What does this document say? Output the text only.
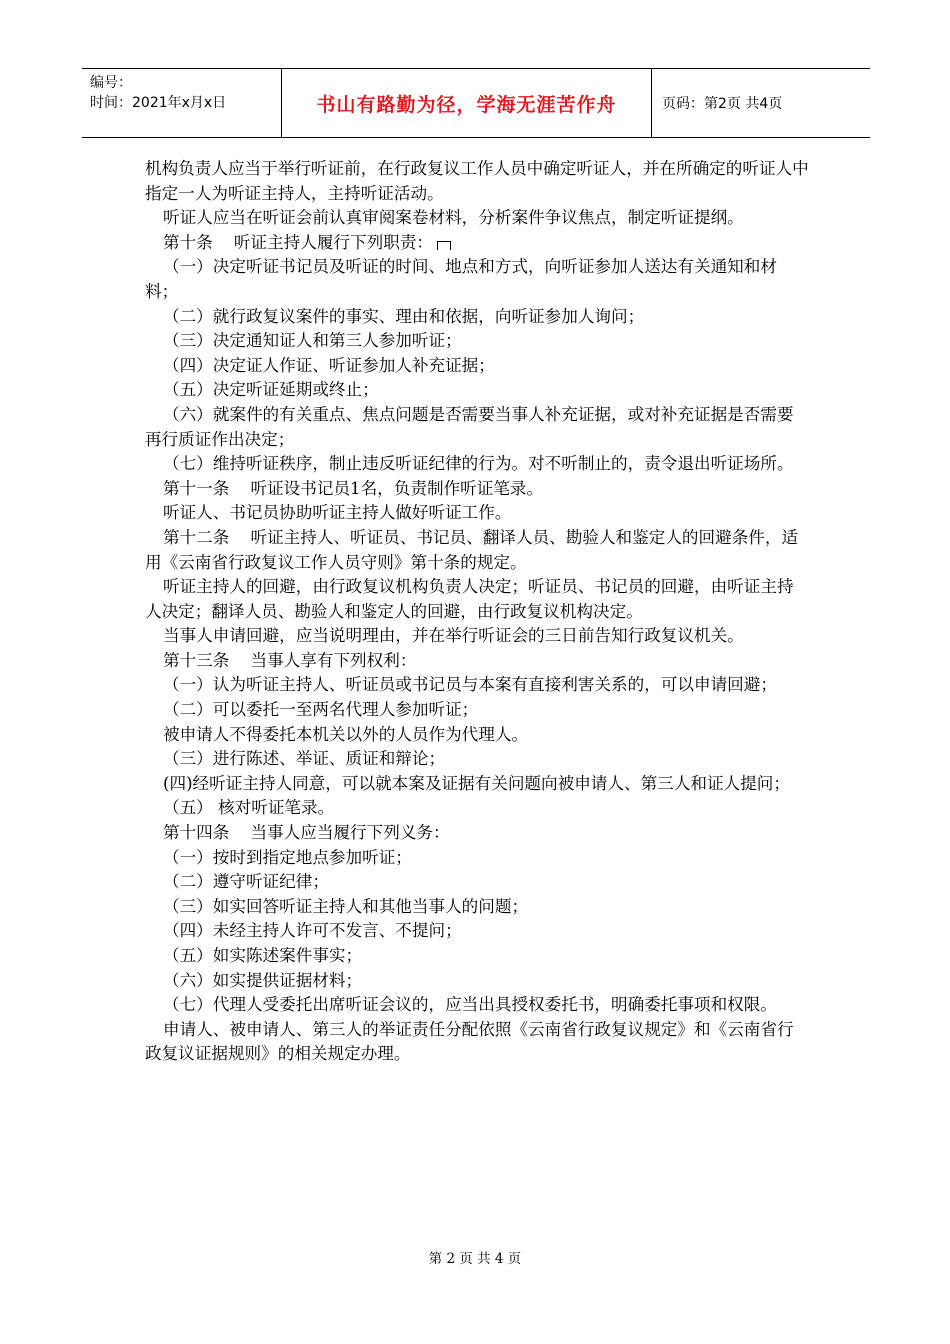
编号：
时间：2021年x月x日	书山有路勤为径，学海无涯苦作舟	页码：第2页 共4页

机构负责人应当于举行听证前，在行政复议工作人员中确定听证人，并在所确定的听证人中指定一人为听证主持人，主持听证活动。

听证人应当在听证会前认真审阅案卷材料，分析案件争议焦点，制定听证提纲。

第十条    听证主持人履行下列职责：

（一）决定听证书记员及听证的时间、地点和方式，向听证参加人送达有关通知和材料；

（二）就行政复议案件的事实、理由和依据，向听证参加人询问；

（三）决定通知证人和第三人参加听证；

（四）决定证人作证、听证参加人补充证据；

（五）决定听证延期或终止；

（六）就案件的有关重点、焦点问题是否需要当事人补充证据，或对补充证据是否需要再行质证作出决定；

（七）维持听证秩序，制止违反听证纪律的行为。对不听制止的，责令退出听证场所。

第十一条    听证设书记员1名，负责制作听证笔录。

听证人、书记员协助听证主持人做好听证工作。

第十二条    听证主持人、听证员、书记员、翻译人员、勘验人和鉴定人的回避条件，适用《云南省行政复议工作人员守则》第十条的规定。

听证主持人的回避，由行政复议机构负责人决定；听证员、书记员的回避，由听证主持人决定；翻译人员、勘验人和鉴定人的回避，由行政复议机构决定。

当事人申请回避，应当说明理由，并在举行听证会的三日前告知行政复议机关。

第十三条    当事人享有下列权利：

（一）认为听证主持人、听证员或书记员与本案有直接利害关系的，可以申请回避；

（二）可以委托一至两名代理人参加听证；

被申请人不得委托本机关以外的人员作为代理人。

（三）进行陈述、举证、质证和辩论；

(四)经听证主持人同意，可以就本案及证据有关问题向被申请人、第三人和证人提问；

（五） 核对听证笔录。

第十四条    当事人应当履行下列义务：

（一）按时到指定地点参加听证；

（二）遵守听证纪律；

（三）如实回答听证主持人和其他当事人的问题；

（四）未经主持人许可不发言、不提问；

（五）如实陈述案件事实；

（六）如实提供证据材料；

（七）代理人受委托出席听证会议的，应当出具授权委托书，明确委托事项和权限。

申请人、被申请人、第三人的举证责任分配依照《云南省行政复议规定》和《云南省行政复议证据规则》的相关规定办理。

第 2 页 共 4 页
